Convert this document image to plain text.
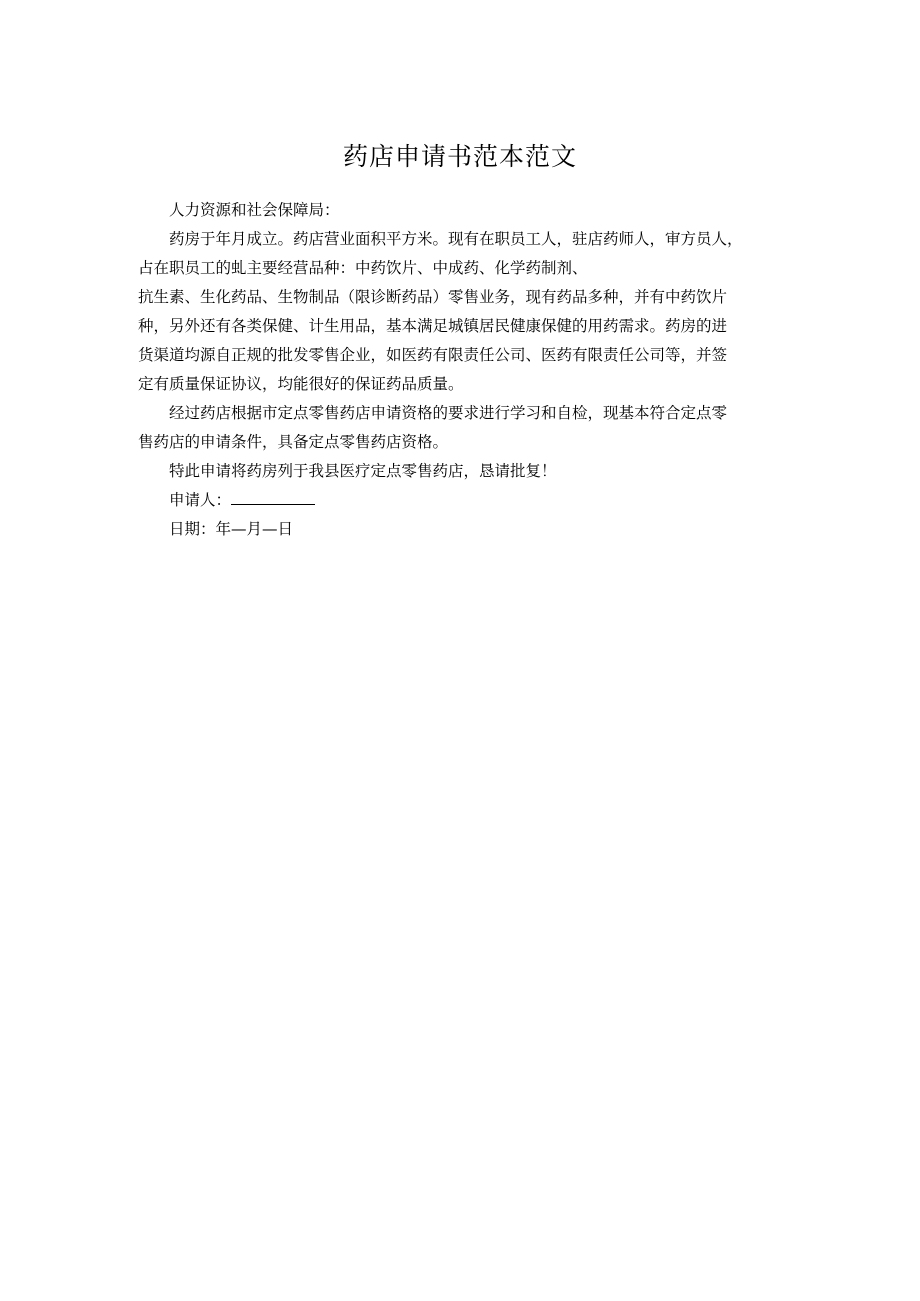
药店申请书范本范文
人力资源和社会保障局：
药房于年月成立。药店营业面积平方米。现有在职员工人，驻店药师人，审方员人，
占在职员工的虬主要经营品种：中药饮片、中成药、化学药制剂、
抗生素、生化药品、生物制品（限诊断药品）零售业务，现有药品多种，并有中药饮片
种，另外还有各类保健、计生用品，基本满足城镇居民健康保健的用药需求。药房的进
货渠道均源自正规的批发零售企业，如医药有限责任公司、医药有限责任公司等，并签
定有质量保证协议，均能很好的保证药品质量。
经过药店根据市定点零售药店申请资格的要求进行学习和自检，现基本符合定点零
售药店的申请条件，具备定点零售药店资格。
特此申请将药房列于我县医疗定点零售药店，恳请批复！
申请人：
日期：年—月—日
